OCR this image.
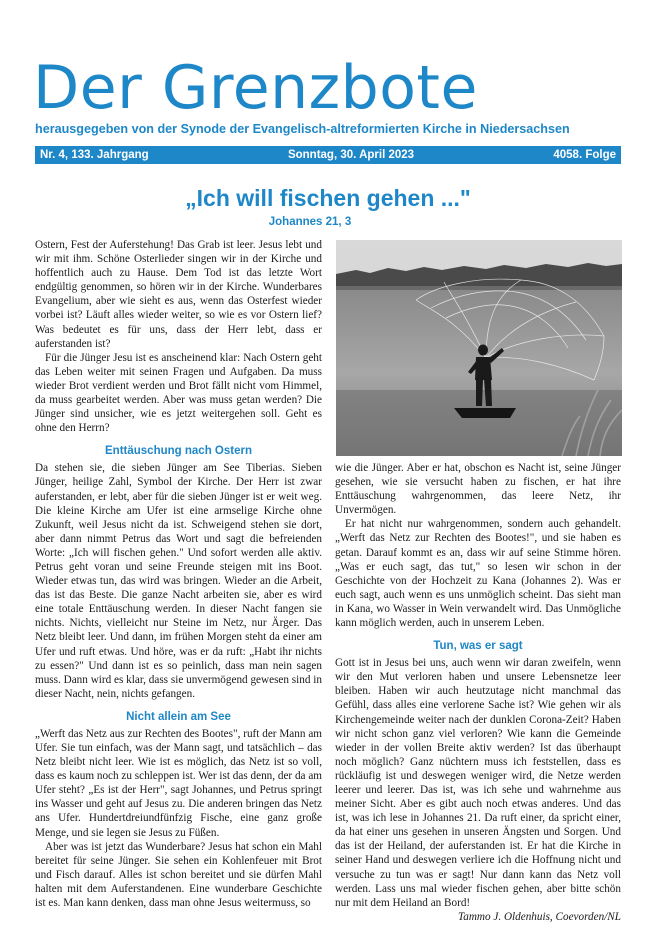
Der Grenzbote
herausgegeben von der Synode der Evangelisch-altreformierten Kirche in Niedersachsen
Nr. 4, 133. Jahrgang	Sonntag, 30. April 2023	4058. Folge
„Ich will fischen gehen ..."
Johannes 21, 3

Ostern, Fest der Auferstehung! Das Grab ist leer. Jesus lebt und wir mit ihm. Schöne Osterlieder singen wir in der Kirche und hoffentlich auch zu Hause. Dem Tod ist das letzte Wort endgültig genommen, so hören wir in der Kirche. Wunderbares Evangelium, aber wie sieht es aus, wenn das Osterfest wieder vorbei ist? Läuft alles wieder weiter, so wie es vor Ostern lief? Was bedeutet es für uns, dass der Herr lebt, dass er auferstanden ist?

Für die Jünger Jesu ist es anscheinend klar: Nach Ostern geht das Leben weiter mit seinen Fragen und Aufgaben. Da muss wieder Brot verdient werden und Brot fällt nicht vom Himmel, da muss gearbeitet werden. Aber was muss getan werden? Die Jünger sind unsicher, wie es jetzt weitergehen soll. Geht es ohne den Herrn?

Enttäuschung nach Ostern

Da stehen sie, die sieben Jünger am See Tiberias. Sieben Jünger, heilige Zahl, Symbol der Kirche. Der Herr ist zwar auferstanden, er lebt, aber für die sieben Jünger ist er weit weg. Die kleine Kirche am Ufer ist eine armselige Kirche ohne Zukunft, weil Jesus nicht da ist. Schweigend stehen sie dort, aber dann nimmt Petrus das Wort und sagt die befreienden Worte: „Ich will fischen gehen." Und sofort werden alle aktiv. Petrus geht voran und seine Freunde steigen mit ins Boot. Wieder etwas tun, das wird was bringen. Wieder an die Arbeit, das ist das Beste. Die ganze Nacht arbeiten sie, aber es wird eine totale Enttäuschung werden. In dieser Nacht fangen sie nichts. Nichts, vielleicht nur Steine im Netz, nur Ärger. Das Netz bleibt leer. Und dann, im frühen Morgen steht da einer am Ufer und ruft etwas. Und höre, was er da ruft: „Habt ihr nichts zu essen?" Und dann ist es so peinlich, dass man nein sagen muss. Dann wird es klar, dass sie unvermögend gewesen sind in dieser Nacht, nein, nichts gefangen.

Nicht allein am See

„Werft das Netz aus zur Rechten des Bootes", ruft der Mann am Ufer. Sie tun einfach, was der Mann sagt, und tatsächlich – das Netz bleibt nicht leer. Wie ist es möglich, das Netz ist so voll, dass es kaum noch zu schleppen ist. Wer ist das denn, der da am Ufer steht? „Es ist der Herr", sagt Johannes, und Petrus springt ins Wasser und geht auf Jesus zu. Die anderen bringen das Netz ans Ufer. Hundertdreiundfünfzig Fische, eine ganz große Menge, und sie legen sie Jesus zu Füßen.

Aber was ist jetzt das Wunderbare? Jesus hat schon ein Mahl bereitet für seine Jünger. Sie sehen ein Kohlenfeuer mit Brot und Fisch darauf. Alles ist schon bereitet und sie dürfen Mahl halten mit dem Auferstandenen. Eine wunderbare Geschichte ist es. Man kann denken, dass man ohne Jesus weitermuss, so

wie die Jünger. Aber er hat, obschon es Nacht ist, seine Jünger gesehen, wie sie versucht haben zu fischen, er hat ihre Enttäuschung wahrgenommen, das leere Netz, ihr Unvermögen.

Er hat nicht nur wahrgenommen, sondern auch gehandelt. „Werft das Netz zur Rechten des Bootes!", und sie haben es getan. Darauf kommt es an, dass wir auf seine Stimme hören. „Was er euch sagt, das tut," so lesen wir schon in der Geschichte von der Hochzeit zu Kana (Johannes 2). Was er euch sagt, auch wenn es uns unmöglich scheint. Das sieht man in Kana, wo Wasser in Wein verwandelt wird. Das Unmögliche kann möglich werden, auch in unserem Leben.

Tun, was er sagt

Gott ist in Jesus bei uns, auch wenn wir daran zweifeln, wenn wir den Mut verloren haben und unsere Lebensnetze leer bleiben. Haben wir auch heutzutage nicht manchmal das Gefühl, dass alles eine verlorene Sache ist? Wie gehen wir als Kirchengemeinde weiter nach der dunklen Corona-Zeit? Haben wir nicht schon ganz viel verloren? Wie kann die Gemeinde wieder in der vollen Breite aktiv werden? Ist das überhaupt noch möglich? Ganz nüchtern muss ich feststellen, dass es rückläufig ist und deswegen weniger wird, die Netze werden leerer und leerer. Das ist, was ich sehe und wahrnehme aus meiner Sicht. Aber es gibt auch noch etwas anderes. Und das ist, was ich lese in Johannes 21. Da ruft einer, da spricht einer, da hat einer uns gesehen in unseren Ängsten und Sorgen. Und das ist der Heiland, der auferstanden ist. Er hat die Kirche in seiner Hand und deswegen verliere ich die Hoffnung nicht und versuche zu tun was er sagt! Nur dann kann das Netz voll werden. Lass uns mal wieder fischen gehen, aber bitte schön nur mit dem Heiland an Bord!

Tammo J. Oldenhuis, Coevorden/NL
